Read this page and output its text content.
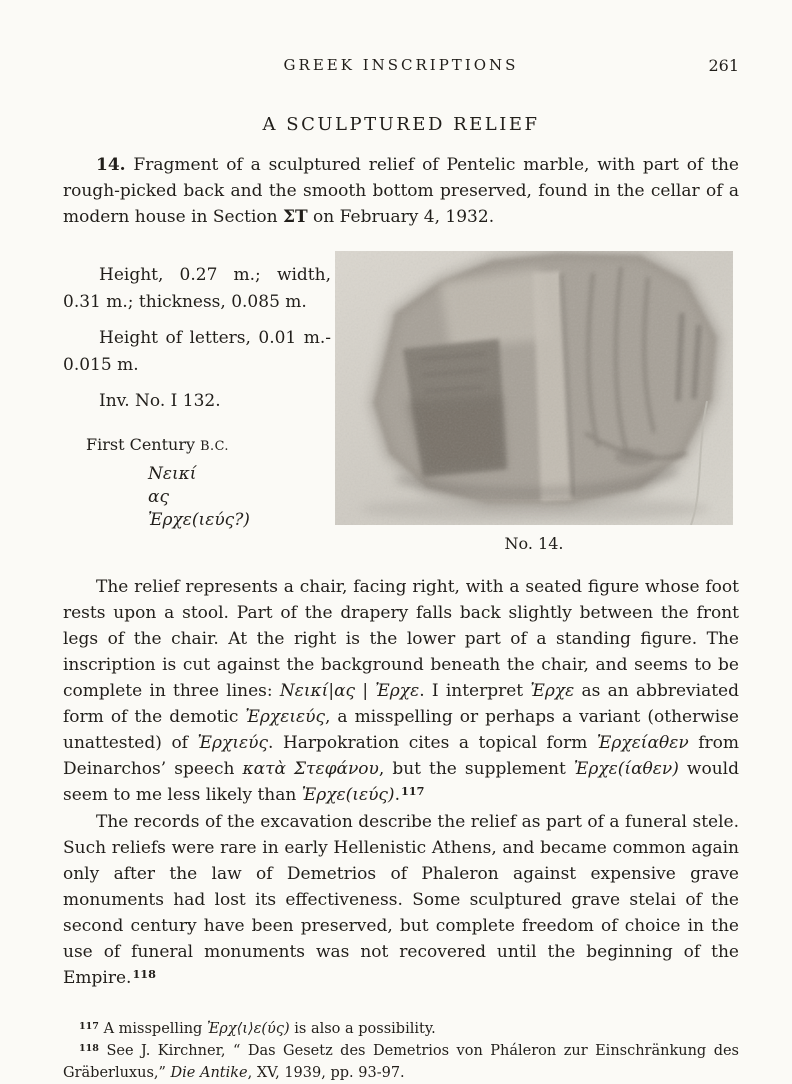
GREEK INSCRIPTIONS	261
A SCULPTURED RELIEF

14. Fragment of a sculptured relief of Pentelic marble, with part of the rough-picked back and the smooth bottom preserved, found in the cellar of a modern house in Section ΣΤ on February 4, 1932.

Height, 0.27 m.; width, 0.31 m.; thickness, 0.085 m.

Height of letters, 0.01 m.- 0.015 m.

Inv. No. I 132.

First Century B.C.

Νεικί
ας
Ἐρχε(ιεύς?)
No. 14.

The relief represents a chair, facing right, with a seated figure whose foot rests upon a stool. Part of the drapery falls back slightly between the front legs of the chair. At the right is the lower part of a standing figure. The inscription is cut against the background beneath the chair, and seems to be complete in three lines: Νεικί|ας | Ἐρχε. I interpret Ἐρχε as an abbreviated form of the demotic Ἐρχειεύς, a misspelling or perhaps a variant (otherwise unattested) of Ἐρχιεύς. Harpokration cites a topical form Ἐρχείαθεν from Deinarchos’ speech κατὰ Στεφάνου, but the supplement Ἐρχε(ίαθεν) would seem to me less likely than Ἐρχε(ιεύς).$^{117}$

The records of the excavation describe the relief as part of a funeral stele. Such reliefs were rare in early Hellenistic Athens, and became common again only after the law of Demetrios of Phaleron against expensive grave monuments had lost its effectiveness. Some sculptured grave stelai of the second century have been preserved, but complete freedom of choice in the use of funeral monuments was not recovered until the beginning of the Empire.$^{118}$

$^{117}$ A misspelling Ἐρχ⟨ι⟩ε(ύς) is also a possibility.

$^{118}$ See J. Kirchner, “ Das Gesetz des Demetrios von Pháleron zur Einschränkung des Gräberluxus,” Die Antike, XV, 1939, pp. 93-97.
